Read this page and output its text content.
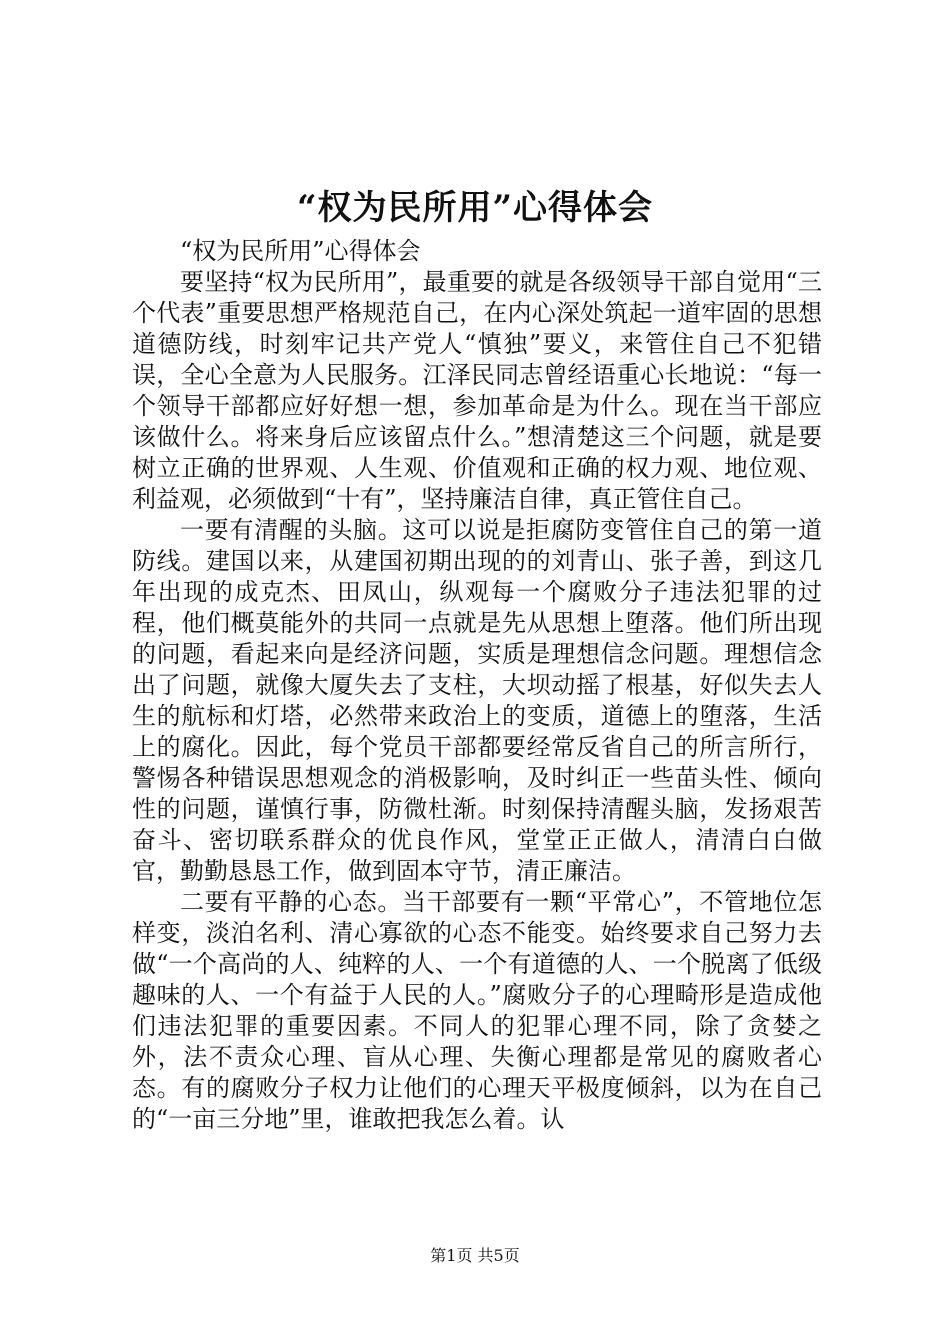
“权为民所用”心得体会

“权为民所用”心得体会

要坚持“权为民所用”，最重要的就是各级领导干部自觉用“三个代表”重要思想严格规范自己，在内心深处筑起一道牢固的思想道德防线，时刻牢记共产党人“慎独”要义，来管住自己不犯错误，全心全意为人民服务。江泽民同志曾经语重心长地说：“每一个领导干部都应好好想一想，参加革命是为什么。现在当干部应该做什么。将来身后应该留点什么。”想清楚这三个问题，就是要树立正确的世界观、人生观、价值观和正确的权力观、地位观、利益观，必须做到“十有”，坚持廉洁自律，真正管住自己。

一要有清醒的头脑。这可以说是拒腐防变管住自己的第一道防线。建国以来，从建国初期出现的的刘青山、张子善，到这几年出现的成克杰、田凤山，纵观每一个腐败分子违法犯罪的过程，他们概莫能外的共同一点就是先从思想上堕落。他们所出现的问题，看起来向是经济问题，实质是理想信念问题。理想信念出了问题，就像大厦失去了支柱，大坝动摇了根基，好似失去人生的航标和灯塔，必然带来政治上的变质，道德上的堕落，生活上的腐化。因此，每个党员干部都要经常反省自己的所言所行，警惕各种错误思想观念的消极影响，及时纠正一些苗头性、倾向性的问题，谨慎行事，防微杜渐。时刻保持清醒头脑，发扬艰苦奋斗、密切联系群众的优良作风，堂堂正正做人，清清白白做官，勤勤恳恳工作，做到固本守节，清正廉洁。

二要有平静的心态。当干部要有一颗“平常心”，不管地位怎样变，淡泊名利、清心寡欲的心态不能变。始终要求自己努力去做“一个高尚的人、纯粹的人、一个有道德的人、一个脱离了低级趣味的人、一个有益于人民的人。”腐败分子的心理畸形是造成他们违法犯罪的重要因素。不同人的犯罪心理不同，除了贪婪之外，法不责众心理、盲从心理、失衡心理都是常见的腐败者心态。有的腐败分子权力让他们的心理天平极度倾斜，以为在自己的“一亩三分地”里，谁敢把我怎么着。认

第1页 共5页
